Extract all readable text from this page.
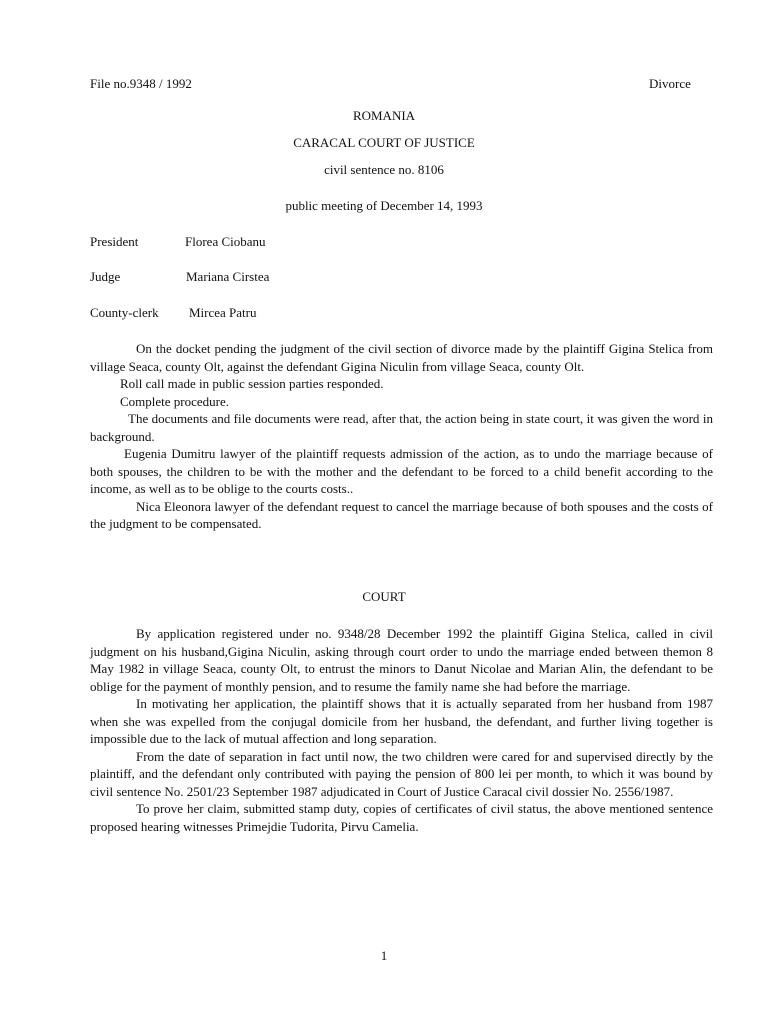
File no.9348 / 1992	Divorce
ROMANIA
CARACAL COURT OF JUSTICE
civil sentence no. 8106
public meeting of December 14, 1993
President	Florea Ciobanu
Judge	Mariana Cirstea
County-clerk Mircea Patru

On the docket pending the judgment of the civil section of divorce made by the plaintiff Gigina Stelica from village Seaca, county Olt, against the defendant Gigina Niculin from village Seaca, county Olt.

Roll call made in public session parties responded.

Complete procedure.

The documents and file documents were read, after that, the action being in state court, it was given the word in background.

Eugenia Dumitru lawyer of the plaintiff requests admission of the action, as to undo the marriage because of both spouses, the children to be with the mother and the defendant to be forced to a child benefit according to the income, as well as to be oblige to the courts costs..

Nica Eleonora lawyer of the defendant request to cancel the marriage because of both spouses and the costs of the judgment to be compensated.

COURT

By application registered under no. 9348/28 December 1992 the plaintiff Gigina Stelica, called in civil judgment on his husband,Gigina Niculin, asking through court order to undo the marriage ended between themon 8 May 1982 in village Seaca, county Olt, to entrust the minors to Danut Nicolae and Marian Alin, the defendant to be oblige for the payment of monthly pension, and to resume the family name she had before the marriage.

In motivating her application, the plaintiff shows that it is actually separated from her husband from 1987 when she was expelled from the conjugal domicile from her husband, the defendant, and further living together is impossible due to the lack of mutual affection and long separation.

From the date of separation in fact until now, the two children were cared for and supervised directly by the plaintiff, and the defendant only contributed with paying the pension of 800 lei per month, to which it was bound by civil sentence No. 2501/23 September 1987 adjudicated in Court of Justice Caracal civil dossier No. 2556/1987.

To prove her claim, submitted stamp duty, copies of certificates of civil status, the above mentioned sentence proposed hearing witnesses Primejdie Tudorita, Pirvu Camelia.

1
